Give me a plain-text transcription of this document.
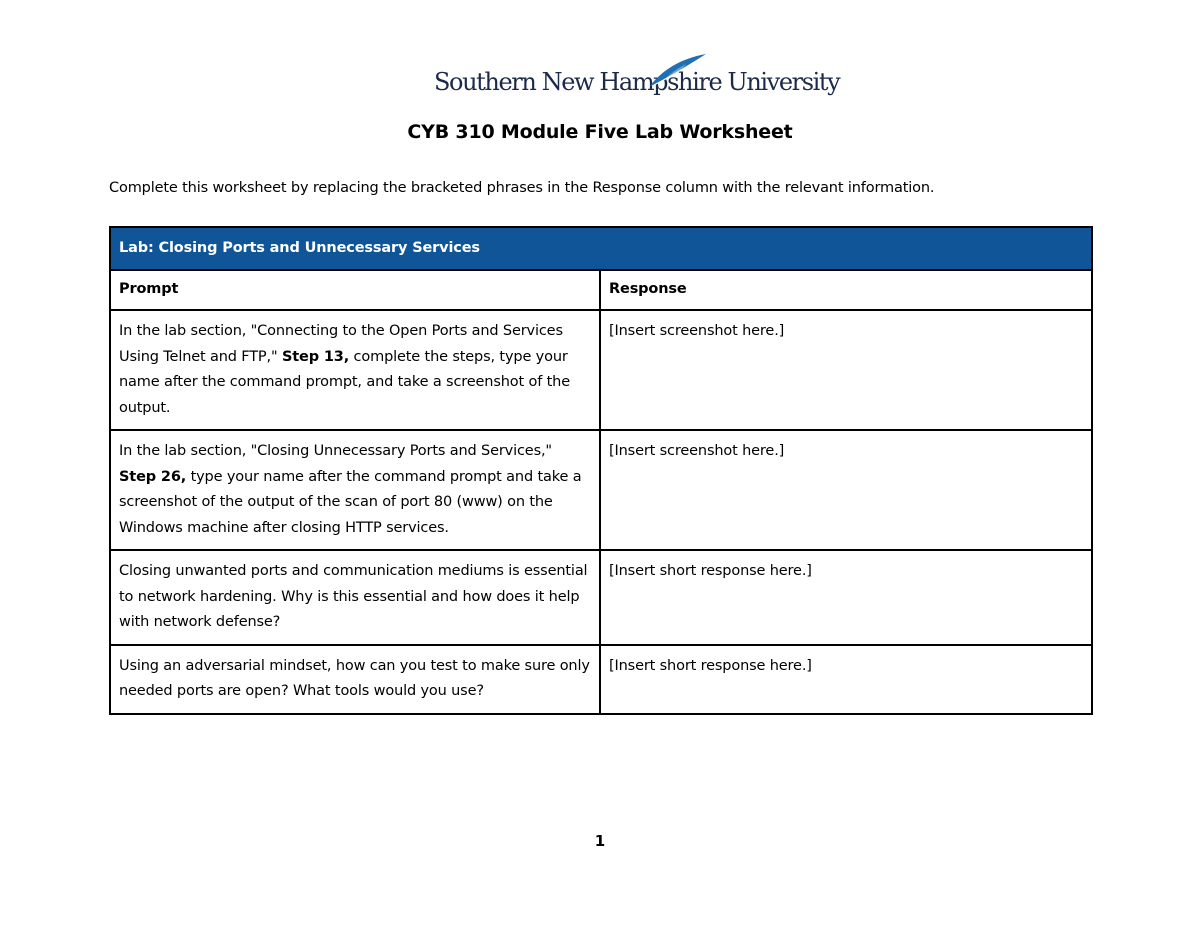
Southern New Hampshire University
CYB 310 Module Five Lab Worksheet
Complete this worksheet by replacing the bracketed phrases in the Response column with the relevant information.
Lab: Closing Ports and Unnecessary Services	
Prompt	Response
In the lab section, "Connecting to the Open Ports and Services Using Telnet and FTP," Step 13, complete the steps, type your name after the command prompt, and take a screenshot of the output.	[Insert screenshot here.]
In the lab section, "Closing Unnecessary Ports and Services," Step 26, type your name after the command prompt and take a screenshot of the output of the scan of port 80 (www) on the Windows machine after closing HTTP services.	[Insert screenshot here.]
Closing unwanted ports and communication mediums is essential to network hardening. Why is this essential and how does it help with network defense?	[Insert short response here.]
Using an adversarial mindset, how can you test to make sure only needed ports are open? What tools would you use?	[Insert short response here.]
1
